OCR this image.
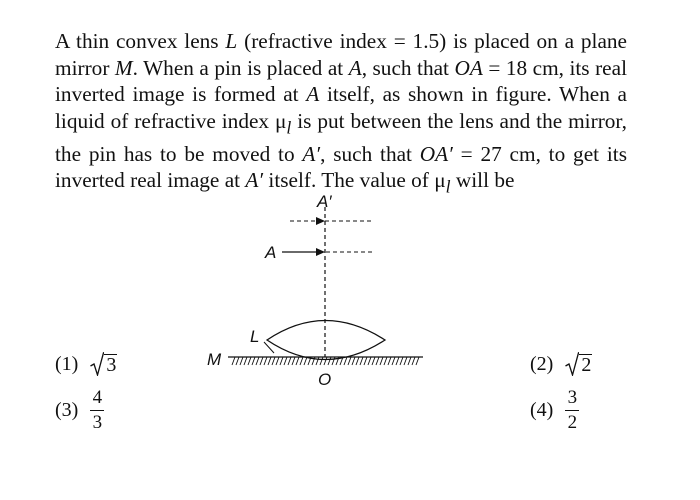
A thin convex lens L (refractive index = 1.5) is placed on a plane mirror M. When a pin is placed at A, such that OA = 18 cm, its real inverted image is formed at A itself, as shown in figure. When a liquid of refractive index $\mu_l$ is put between the lens and the mirror, the pin has to be moved to A′, such that OA′ = 27 cm, to get its inverted real image at A′ itself. The value of $\mu_l$ will be
A′
A
L
M
O
(1) 3	(2) 2
$(3) \frac{4}{3}$	$(4) \frac{3}{2}$
